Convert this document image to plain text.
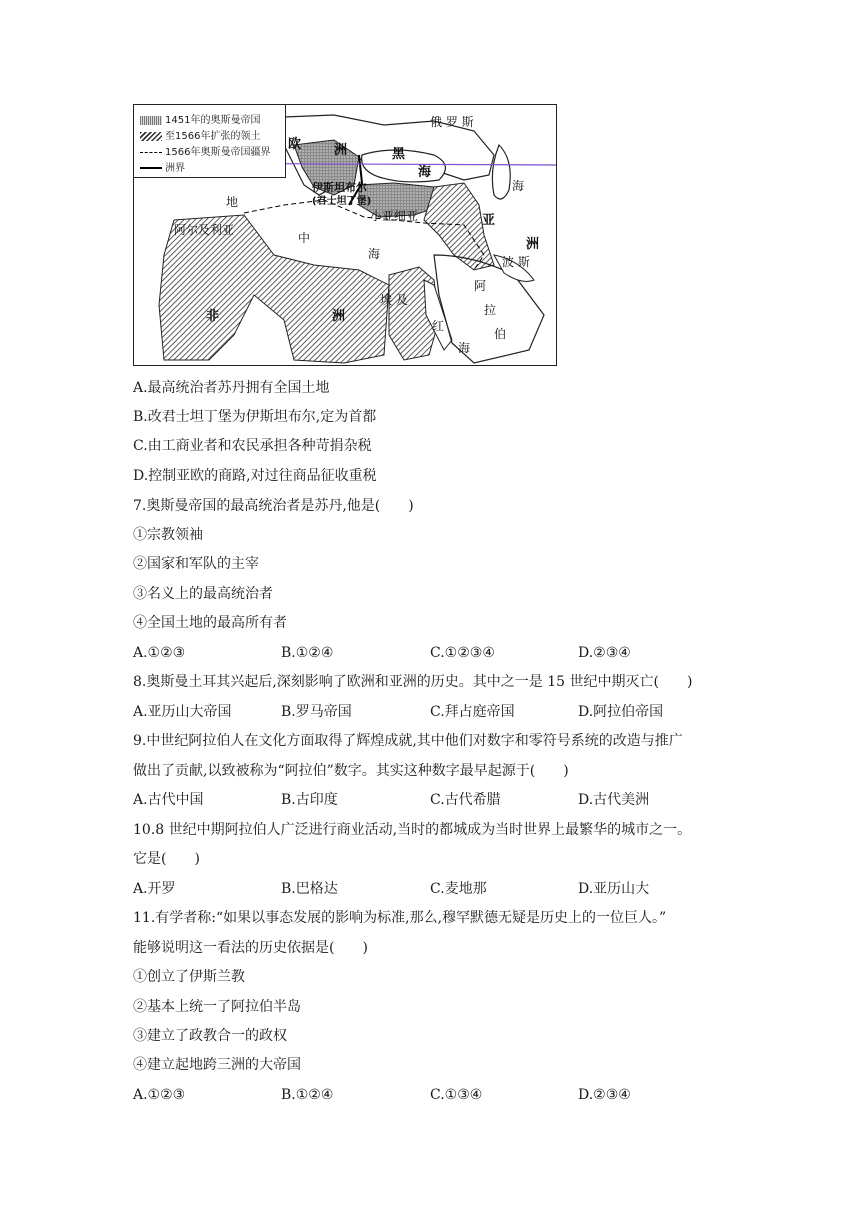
1451年的奥斯曼帝国
至1566年扩张的领土
1566年奥斯曼帝国疆界
洲界
欧	洲
俄 罗 斯
黑
海
伊斯坦布尔
(君士坦丁堡)
小亚细亚
地
阿尔及利亚
中
海
亚
洲
波 斯
海
非	洲
埃 及
红
海
阿
拉
伯
A.最高统治者苏丹拥有全国土地
B.改君士坦丁堡为伊斯坦布尔,定为首都
C.由工商业者和农民承担各种苛捐杂税
D.控制亚欧的商路,对过往商品征收重税
7.奥斯曼帝国的最高统治者是苏丹,他是(　　)
①宗教领袖
②国家和军队的主宰
③名义上的最高统治者
④全国土地的最高所有者
A.①②③	B.①②④	C.①②③④	D.②③④
8.奥斯曼土耳其兴起后,深刻影响了欧洲和亚洲的历史。其中之一是 15 世纪中期灭亡(　　)
A.亚历山大帝国	B.罗马帝国	C.拜占庭帝国	D.阿拉伯帝国
9.中世纪阿拉伯人在文化方面取得了辉煌成就,其中他们对数字和零符号系统的改造与推广
做出了贡献,以致被称为“阿拉伯”数字。其实这种数字最早起源于(　　)
A.古代中国	B.古印度	C.古代希腊	D.古代美洲
10.8 世纪中期阿拉伯人广泛进行商业活动,当时的都城成为当时世界上最繁华的城市之一。
它是(　　)
A.开罗	B.巴格达	C.麦地那	D.亚历山大
11.有学者称:“如果以事态发展的影响为标准,那么,穆罕默德无疑是历史上的一位巨人。”
能够说明这一看法的历史依据是(　　)
①创立了伊斯兰教
②基本上统一了阿拉伯半岛
③建立了政教合一的政权
④建立起地跨三洲的大帝国
A.①②③	B.①②④	C.①③④	D.②③④
